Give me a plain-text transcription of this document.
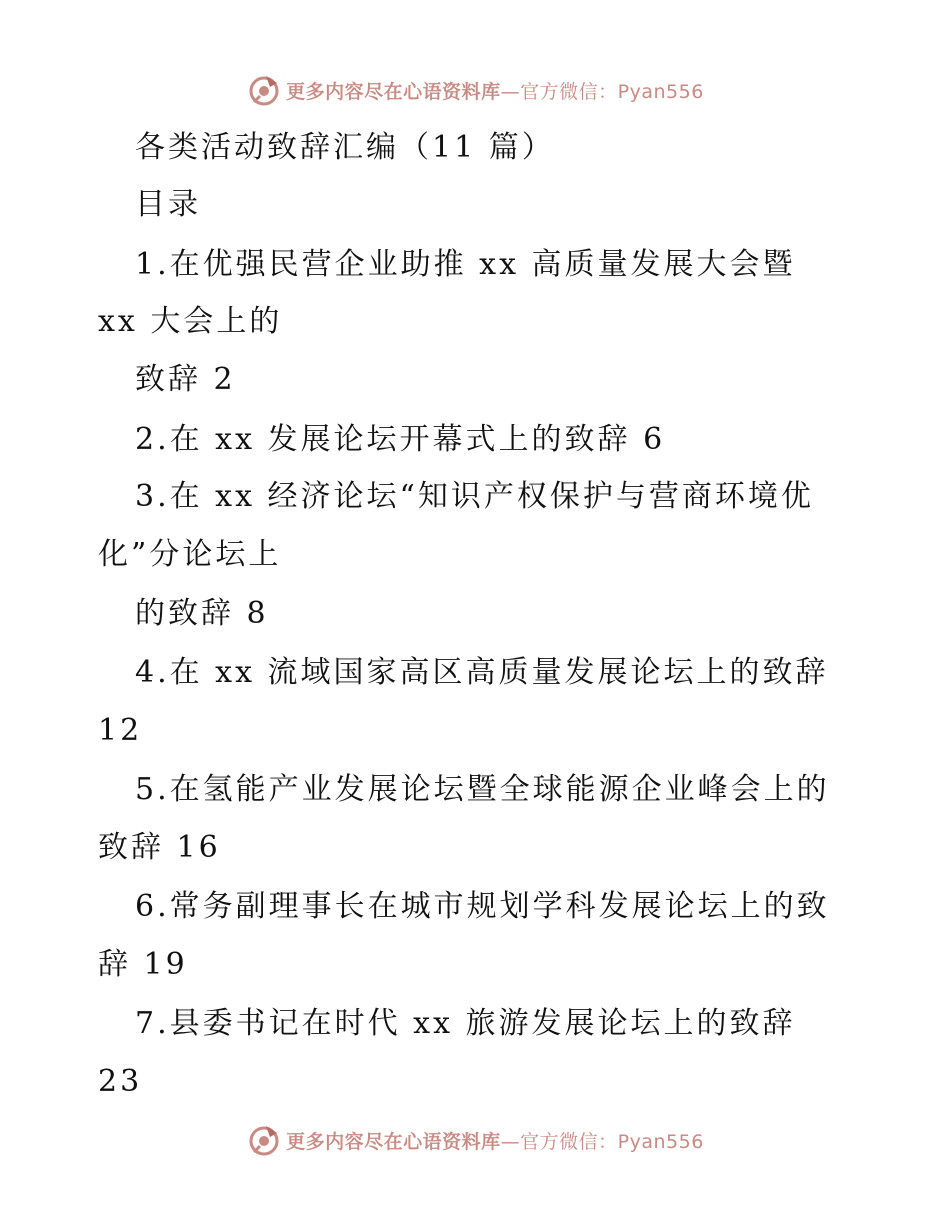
更多内容尽在心语资料库—官方微信：Pyan556
各类活动致辞汇编（11 篇）
目录
1.在优强民营企业助推 xx 高质量发展大会暨
xx 大会上的
致辞 2
2.在 xx 发展论坛开幕式上的致辞 6
3.在 xx 经济论坛“知识产权保护与营商环境优
化”分论坛上
的致辞 8
4.在 xx 流域国家高区高质量发展论坛上的致辞
12
5.在氢能产业发展论坛暨全球能源企业峰会上的
致辞 16
6.常务副理事长在城市规划学科发展论坛上的致
辞 19
7.县委书记在时代 xx 旅游发展论坛上的致辞
23
更多内容尽在心语资料库—官方微信：Pyan556
